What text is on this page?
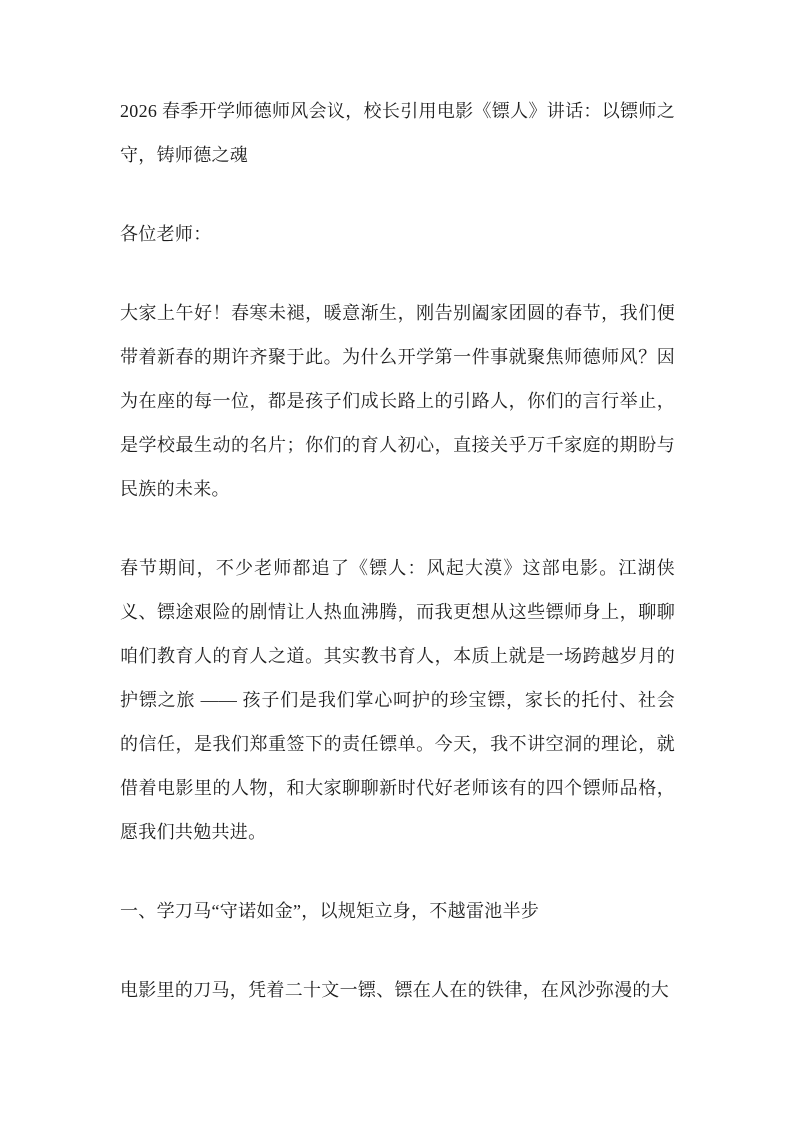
2026 春季开学师德师风会议，校长引用电影《镖人》讲话：以镖师之守，铸师德之魂

各位老师：

大家上午好！春寒未褪，暖意渐生，刚告别阖家团圆的春节，我们便带着新春的期许齐聚于此。为什么开学第一件事就聚焦师德师风？因为在座的每一位，都是孩子们成长路上的引路人，你们的言行举止，是学校最生动的名片；你们的育人初心，直接关乎万千家庭的期盼与民族的未来。

春节期间，不少老师都追了《镖人：风起大漠》这部电影。江湖侠义、镖途艰险的剧情让人热血沸腾，而我更想从这些镖师身上，聊聊咱们教育人的育人之道。其实教书育人，本质上就是一场跨越岁月的护镖之旅 —— 孩子们是我们掌心呵护的珍宝镖，家长的托付、社会的信任，是我们郑重签下的责任镖单。今天，我不讲空洞的理论，就借着电影里的人物，和大家聊聊新时代好老师该有的四个镖师品格，愿我们共勉共进。

一、学刀马“守诺如金”，以规矩立身，不越雷池半步

电影里的刀马，凭着二十文一镖、镖在人在的铁律，在风沙弥漫的大
